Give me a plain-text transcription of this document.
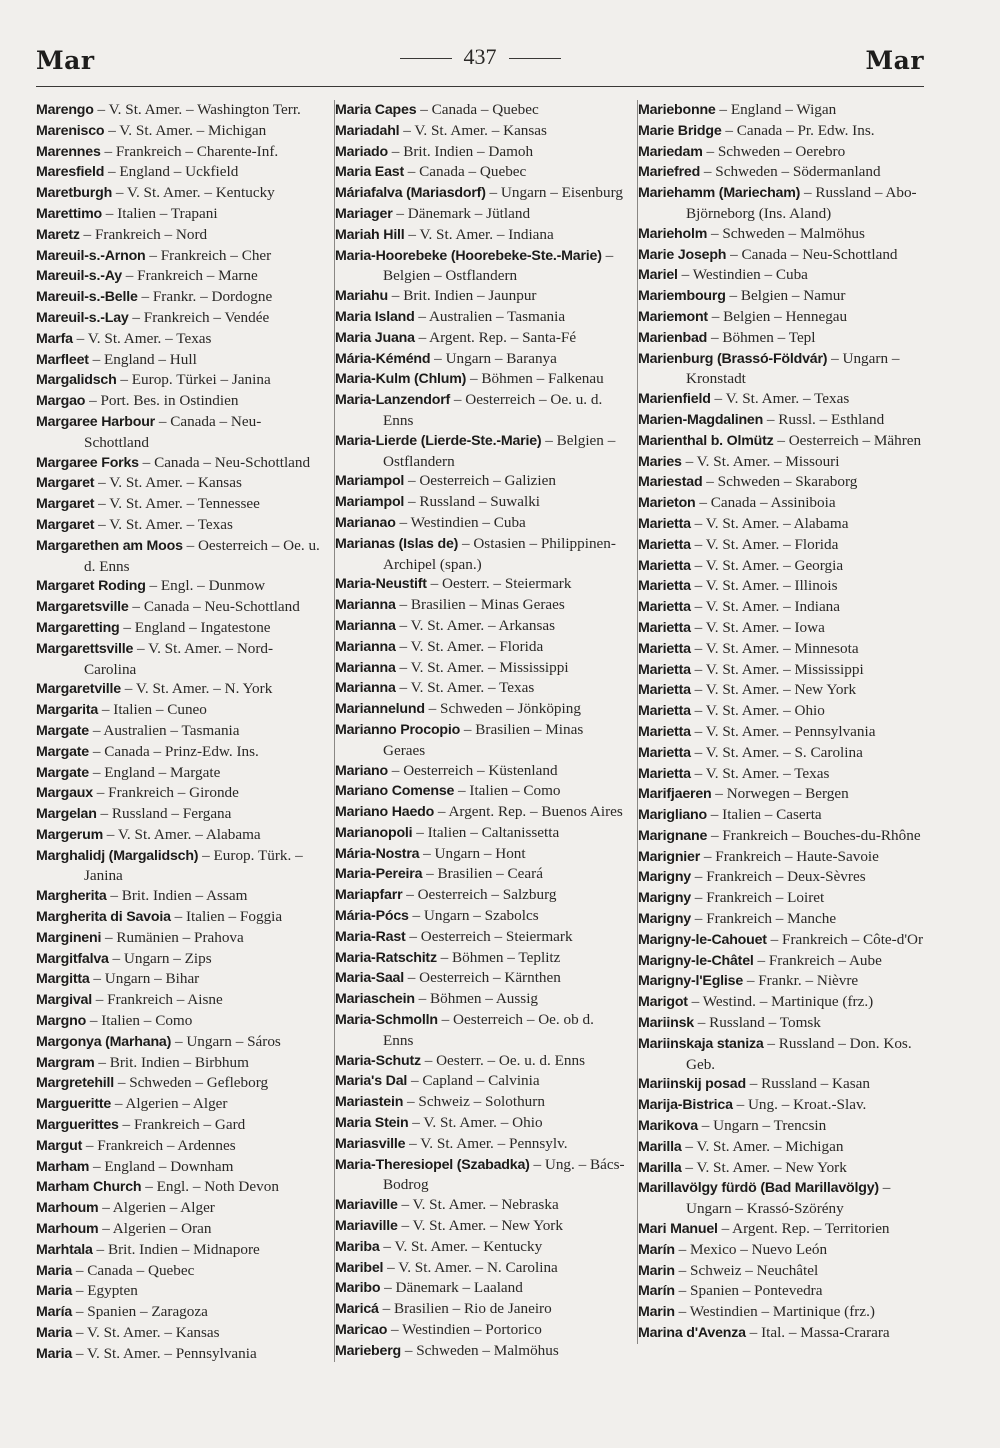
Mar	437	Mar
Marengo – V. St. Amer. – Washington Terr.
Marenisco – V. St. Amer. – Michigan
Marennes – Frankreich – Charente-Inf.
Maresfield – England – Uckfield
Maretburgh – V. St. Amer. – Kentucky
Marettimo – Italien – Trapani
Maretz – Frankreich – Nord
Mareuil-s.-Arnon – Frankreich – Cher
Mareuil-s.-Ay – Frankreich – Marne
Mareuil-s.-Belle – Frankr. – Dordogne
Mareuil-s.-Lay – Frankreich – Vendée
Marfa – V. St. Amer. – Texas
Marfleet – England – Hull
Margalidsch – Europ. Türkei – Janina
Margao – Port. Bes. in Ostindien
Margaree Harbour – Canada – Neu-Schottland
Margaree Forks – Canada – Neu-Schottland
Margaret – V. St. Amer. – Kansas
Margaret – V. St. Amer. – Tennessee
Margaret – V. St. Amer. – Texas
Margarethen am Moos – Oesterreich – Oe. u. d. Enns
Margaret Roding – Engl. – Dunmow
Margaretsville – Canada – Neu-Schottland
Margaretting – England – Ingatestone
Margarettsville – V. St. Amer. – Nord-Carolina
Margaretville – V. St. Amer. – N. York
Margarita – Italien – Cuneo
Margate – Australien – Tasmania
Margate – Canada – Prinz-Edw. Ins.
Margate – England – Margate
Margaux – Frankreich – Gironde
Margelan – Russland – Fergana
Margerum – V. St. Amer. – Alabama
Marghalidj (Margalidsch) – Europ. Türk. – Janina
Margherita – Brit. Indien – Assam
Margherita di Savoia – Italien – Foggia
Margineni – Rumänien – Prahova
Margitfalva – Ungarn – Zips
Margitta – Ungarn – Bihar
Margival – Frankreich – Aisne
Margno – Italien – Como
Margonya (Marhana) – Ungarn – Sáros
Margram – Brit. Indien – Birbhum
Margretehill – Schweden – Gefleborg
Margueritte – Algerien – Alger
Marguerittes – Frankreich – Gard
Margut – Frankreich – Ardennes
Marham – England – Downham
Marham Church – Engl. – Noth Devon
Marhoum – Algerien – Alger
Marhoum – Algerien – Oran
Marhtala – Brit. Indien – Midnapore
Maria – Canada – Quebec
Maria – Egypten
María – Spanien – Zaragoza
Maria – V. St. Amer. – Kansas
Maria – V. St. Amer. – Pennsylvania
Maria Capes – Canada – Quebec
Mariadahl – V. St. Amer. – Kansas
Mariado – Brit. Indien – Damoh
Maria East – Canada – Quebec
Máriafalva (Mariasdorf) – Ungarn – Eisenburg
Mariager – Dänemark – Jütland
Mariah Hill – V. St. Amer. – Indiana
Maria-Hoorebeke (Hoorebeke-Ste.-Marie) – Belgien – Ostflandern
Mariahu – Brit. Indien – Jaunpur
Maria Island – Australien – Tasmania
Maria Juana – Argent. Rep. – Santa-Fé
Mária-Kéménd – Ungarn – Baranya
Maria-Kulm (Chlum) – Böhmen – Falkenau
Maria-Lanzendorf – Oesterreich – Oe. u. d. Enns
Maria-Lierde (Lierde-Ste.-Marie) – Belgien – Ostflandern
Mariampol – Oesterreich – Galizien
Mariampol – Russland – Suwalki
Marianao – Westindien – Cuba
Marianas (Islas de) – Ostasien – Philippinen-Archipel (span.)
Maria-Neustift – Oesterr. – Steiermark
Marianna – Brasilien – Minas Geraes
Marianna – V. St. Amer. – Arkansas
Marianna – V. St. Amer. – Florida
Marianna – V. St. Amer. – Mississippi
Marianna – V. St. Amer. – Texas
Mariannelund – Schweden – Jönköping
Marianno Procopio – Brasilien – Minas Geraes
Mariano – Oesterreich – Küstenland
Mariano Comense – Italien – Como
Mariano Haedo – Argent. Rep. – Buenos Aires
Marianopoli – Italien – Caltanissetta
Mária-Nostra – Ungarn – Hont
Maria-Pereira – Brasilien – Ceará
Mariapfarr – Oesterreich – Salzburg
Mária-Pócs – Ungarn – Szabolcs
Maria-Rast – Oesterreich – Steiermark
Maria-Ratschitz – Böhmen – Teplitz
Maria-Saal – Oesterreich – Kärnthen
Mariaschein – Böhmen – Aussig
Maria-Schmolln – Oesterreich – Oe. ob d. Enns
Maria-Schutz – Oesterr. – Oe. u. d. Enns
Maria's Dal – Capland – Calvinia
Mariastein – Schweiz – Solothurn
Maria Stein – V. St. Amer. – Ohio
Mariasville – V. St. Amer. – Pennsylv.
Maria-Theresiopel (Szabadka) – Ung. – Bács-Bodrog
Mariaville – V. St. Amer. – Nebraska
Mariaville – V. St. Amer. – New York
Mariba – V. St. Amer. – Kentucky
Maribel – V. St. Amer. – N. Carolina
Maribo – Dänemark – Laaland
Maricá – Brasilien – Rio de Janeiro
Maricao – Westindien – Portorico
Marieberg – Schweden – Malmöhus
Mariebonne – England – Wigan
Marie Bridge – Canada – Pr. Edw. Ins.
Mariedam – Schweden – Oerebro
Mariefred – Schweden – Södermanland
Mariehamm (Mariecham) – Russland – Abo-Björneborg (Ins. Aland)
Marieholm – Schweden – Malmöhus
Marie Joseph – Canada – Neu-Schottland
Mariel – Westindien – Cuba
Mariembourg – Belgien – Namur
Mariemont – Belgien – Hennegau
Marienbad – Böhmen – Tepl
Marienburg (Brassó-Földvár) – Ungarn – Kronstadt
Marienfield – V. St. Amer. – Texas
Marien-Magdalinen – Russl. – Esthland
Marienthal b. Olmütz – Oesterreich – Mähren
Maries – V. St. Amer. – Missouri
Mariestad – Schweden – Skaraborg
Marieton – Canada – Assiniboia
Marietta – V. St. Amer. – Alabama
Marietta – V. St. Amer. – Florida
Marietta – V. St. Amer. – Georgia
Marietta – V. St. Amer. – Illinois
Marietta – V. St. Amer. – Indiana
Marietta – V. St. Amer. – Iowa
Marietta – V. St. Amer. – Minnesota
Marietta – V. St. Amer. – Mississippi
Marietta – V. St. Amer. – New York
Marietta – V. St. Amer. – Ohio
Marietta – V. St. Amer. – Pennsylvania
Marietta – V. St. Amer. – S. Carolina
Marietta – V. St. Amer. – Texas
Marifjaeren – Norwegen – Bergen
Marigliano – Italien – Caserta
Marignane – Frankreich – Bouches-du-Rhône
Marignier – Frankreich – Haute-Savoie
Marigny – Frankreich – Deux-Sèvres
Marigny – Frankreich – Loiret
Marigny – Frankreich – Manche
Marigny-le-Cahouet – Frankreich – Côte-d'Or
Marigny-le-Châtel – Frankreich – Aube
Marigny-l'Eglise – Frankr. – Nièvre
Marigot – Westind. – Martinique (frz.)
Mariinsk – Russland – Tomsk
Mariinskaja staniza – Russland – Don. Kos. Geb.
Mariinskij posad – Russland – Kasan
Marija-Bistrica – Ung. – Kroat.-Slav.
Marikova – Ungarn – Trencsin
Marilla – V. St. Amer. – Michigan
Marilla – V. St. Amer. – New York
Marillavölgy fürdö (Bad Marillavölgy) – Ungarn – Krassó-Szörény
Mari Manuel – Argent. Rep. – Territorien
Marín – Mexico – Nuevo León
Marin – Schweiz – Neuchâtel
Marín – Spanien – Pontevedra
Marin – Westindien – Martinique (frz.)
Marina d'Avenza – Ital. – Massa-Crarara
